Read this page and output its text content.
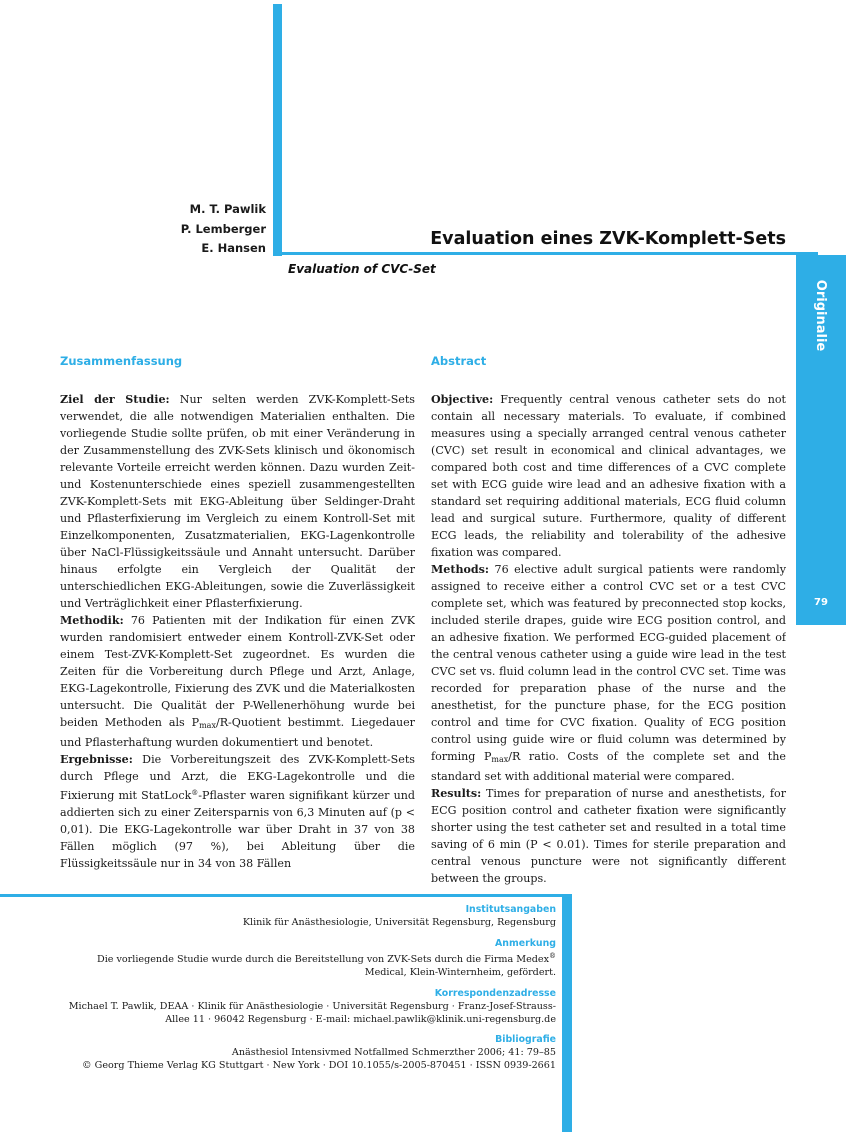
M. T. Pawlik
P. Lemberger
E. Hansen	Evaluation eines ZVK-Komplett-Sets
Evaluation of CVC-Set
Originalie
79
Zusammenfassung

Ziel der Studie: Nur selten werden ZVK-Komplett-Sets verwendet, die alle notwendigen Materialien enthalten. Die vorliegende Studie sollte prüfen, ob mit einer Veränderung in der Zusammenstellung des ZVK-Sets klinisch und ökonomisch relevante Vorteile erreicht werden können. Dazu wurden Zeit- und Kostenunterschiede eines speziell zusammengestellten ZVK-Komplett-Sets mit EKG-Ableitung über Seldinger-Draht und Pflasterfixierung im Vergleich zu einem Kontroll-Set mit Einzelkomponenten, Zusatzmaterialien, EKG-Lagenkontrolle über NaCl-Flüssigkeitssäule und Annaht untersucht. Darüber hinaus erfolgte ein Vergleich der Qualität der unterschiedlichen EKG-Ableitungen, sowie die Zuverlässigkeit und Verträglichkeit einer Pflasterfixierung.

Methodik: 76 Patienten mit der Indikation für einen ZVK wurden randomisiert entweder einem Kontroll-ZVK-Set oder einem Test-ZVK-Komplett-Set zugeordnet. Es wurden die Zeiten für die Vorbereitung durch Pflege und Arzt, Anlage, EKG-Lagekontrolle, Fixierung des ZVK und die Materialkosten untersucht. Die Qualität der P-Wellenerhöhung wurde bei beiden Methoden als $P_{max}/R$-Quotient bestimmt. Liegedauer und Pflasterhaftung wurden dokumentiert und benotet.

Ergebnisse: Die Vorbereitungszeit des ZVK-Komplett-Sets durch Pflege und Arzt, die EKG-Lagekontrolle und die Fixierung mit StatLock®-Pflaster waren signifikant kürzer und addierten sich zu einer Zeitersparnis von 6,3 Minuten auf (p < 0,01). Die EKG-Lagekontrolle war über Draht in 37 von 38 Fällen möglich (97 %), bei Ableitung über die Flüssigkeitssäule nur in 34 von 38 Fällen

Abstract

Objective: Frequently central venous catheter sets do not contain all necessary materials. To evaluate, if combined measures using a specially arranged central venous catheter (CVC) set result in economical and clinical advantages, we compared both cost and time differences of a CVC complete set with ECG guide wire lead and an adhesive fixation with a standard set requiring additional materials, ECG fluid column lead and surgical suture. Furthermore, quality of different ECG leads, the reliability and tolerability of the adhesive fixation was compared.

Methods: 76 elective adult surgical patients were randomly assigned to receive either a control CVC set or a test CVC complete set, which was featured by preconnected stop kocks, included sterile drapes, guide wire ECG position control, and an adhesive fixation. We performed ECG-guided placement of the central venous catheter using a guide wire lead in the test CVC set vs. fluid column lead in the control CVC set. Time was recorded for preparation phase of the nurse and the anesthetist, for the puncture phase, for the ECG position control and time for CVC fixation. Quality of ECG position control using guide wire or fluid column was determined by forming $P_{max}/R$ ratio. Costs of the complete set and the standard set with additional material were compared.

Results: Times for preparation of nurse and anesthetists, for ECG position control and catheter fixation were significantly shorter using the test catheter set and resulted in a total time saving of 6 min (P < 0.01). Times for sterile preparation and central venous puncture were not significantly different between the groups.

Institutsangaben
Klinik für Anästhesiologie, Universität Regensburg, Regensburg
Anmerkung
Die vorliegende Studie wurde durch die Bereitstellung von ZVK-Sets durch die Firma Medex® Medical, Klein-Winternheim, gefördert.
Korrespondenzadresse
Michael T. Pawlik, DEAA · Klinik für Anästhesiologie · Universität Regensburg · Franz-Josef-Strauss-Allee 11 · 96042 Regensburg · E-mail: michael.pawlik@klinik.uni-regensburg.de
Bibliografie
Anästhesiol Intensivmed Notfallmed Schmerzther 2006; 41: 79–85
© Georg Thieme Verlag KG Stuttgart · New York · DOI 10.1055/s-2005-870451 · ISSN 0939-2661
